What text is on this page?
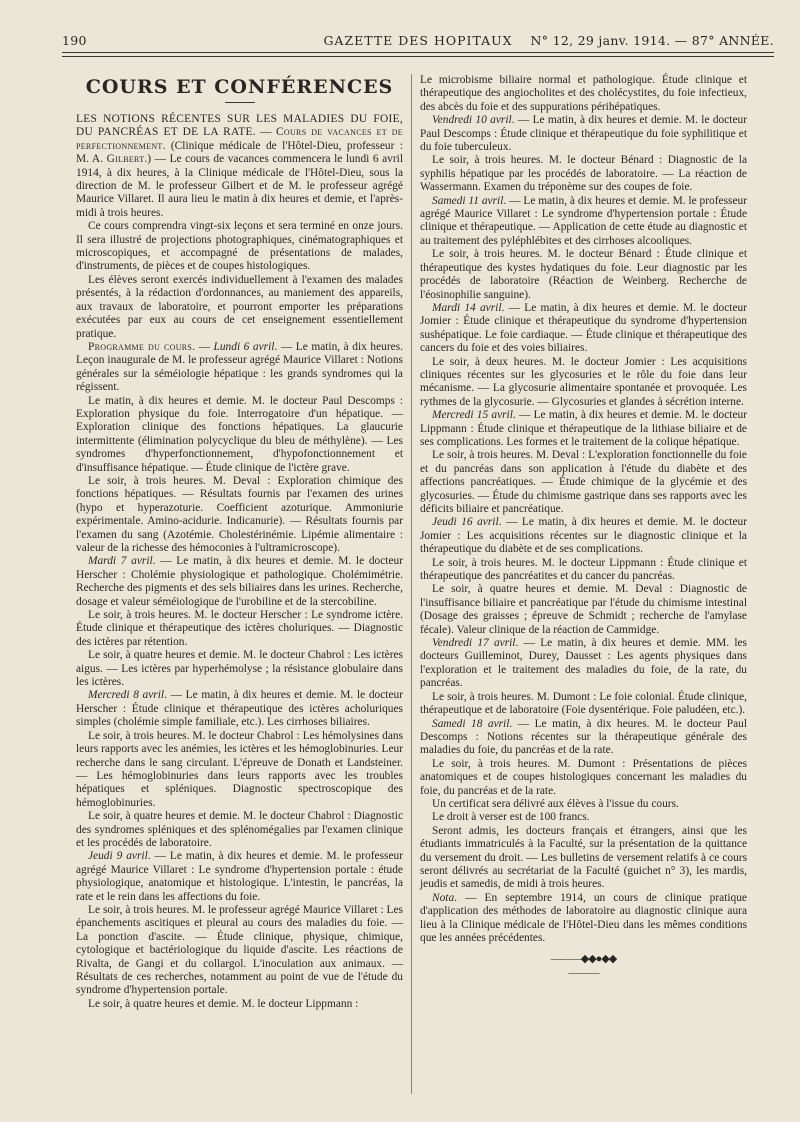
190	GAZETTE DES HOPITAUX	N° 12, 29 janv. 1914. — 87° ANNÉE.
COURS ET CONFÉRENCES

LES NOTIONS RÉCENTES SUR LES MALADIES DU FOIE, DU PANCRÉAS ET DE LA RATE. — Cours de vacances et de perfectionnement. (Clinique médicale de l'Hôtel-Dieu, professeur : M. A. Gilbert.) — Le cours de vacances commencera le lundi 6 avril 1914, à dix heures, à la Clinique médicale de l'Hôtel-Dieu, sous la direction de M. le professeur Gilbert et de M. le professeur agrégé Maurice Villaret. Il aura lieu le matin à dix heures et demie, et l'après-midi à trois heures.

Ce cours comprendra vingt-six leçons et sera terminé en onze jours. Il sera illustré de projections photographiques, cinématographiques et microscopiques, et accompagné de présentations de malades, d'instruments, de pièces et de coupes histologiques.

Les élèves seront exercés individuellement à l'examen des malades présentés, à la rédaction d'ordonnances, au maniement des appareils, aux travaux de laboratoire, et pourront emporter les préparations exécutées par eux au cours de cet enseignement essentiellement pratique.

Programme du cours. — Lundi 6 avril. — Le matin, à dix heures. Leçon inaugurale de M. le professeur agrégé Maurice Villaret : Notions générales sur la séméiologie hépatique : les grands syndromes qui la régissent.

Le matin, à dix heures et demie. M. le docteur Paul Descomps : Exploration physique du foie. Interrogatoire d'un hépatique. — Exploration clinique des fonctions hépatiques. La glaucurie intermittente (élimination polycyclique du bleu de méthylène). — Les syndromes d'hyperfonctionnement, d'hypofonctionnement et d'insuffisance hépatique. — Étude clinique de l'ictère grave.

Le soir, à trois heures. M. Deval : Exploration chimique des fonctions hépatiques. — Résultats fournis par l'examen des urines (hypo et hyperazoturie. Coefficient azoturique. Ammoniurie expérimentale. Amino-acidurie. Indicanurie). — Résultats fournis par l'examen du sang (Azotémie. Cholestérinémie. Lipémie alimentaire : valeur de la richesse des hémoconies à l'ultramicroscope).

Mardi 7 avril. — Le matin, à dix heures et demie. M. le docteur Herscher : Cholémie physiologique et pathologique. Cholémimétrie. Recherche des pigments et des sels biliaires dans les urines. Recherche, dosage et valeur séméiologique de l'urobiline et de la stercobiline.

Le soir, à trois heures. M. le docteur Herscher : Le syndrome ictère. Étude clinique et thérapeutique des ictères choluriques. — Diagnostic des ictères par rétention.

Le soir, à quatre heures et demie. M. le docteur Chabrol : Les ictères aigus. — Les ictères par hyperhémolyse ; la résistance globulaire dans les ictères.

Mercredi 8 avril. — Le matin, à dix heures et demie. M. le docteur Herscher : Étude clinique et thérapeutique des ictères acholuriques simples (cholémie simple familiale, etc.). Les cirrhoses biliaires.

Le soir, à trois heures. M. le docteur Chabrol : Les hémolysines dans leurs rapports avec les anémies, les ictères et les hémoglobinuries. Leur recherche dans le sang circulant. L'épreuve de Donath et Landsteiner. — Les hémoglobinuries dans leurs rapports avec les troubles hépatiques et spléniques. Diagnostic spectroscopique des hémoglobinuries.

Le soir, à quatre heures et demie. M. le docteur Chabrol : Diagnostic des syndromes spléniques et des splénomégalies par l'examen clinique et les procédés de laboratoire.

Jeudi 9 avril. — Le matin, à dix heures et demie. M. le professeur agrégé Maurice Villaret : Le syndrome d'hypertension portale : étude physiologique, anatomique et histologique. L'intestin, le pancréas, la rate et le rein dans les affections du foie.

Le soir, à trois heures. M. le professeur agrégé Maurice Villaret : Les épanchements ascitiques et pleural au cours des maladies du foie. — La ponction d'ascite. — Étude clinique, physique, chimique, cytologique et bactériologique du liquide d'ascite. Les réactions de Rivalta, de Gangi et du collargol. L'inoculation aux animaux. — Résultats de ces recherches, notamment au point de vue de l'étude du syndrome d'hypertension portale.

Le soir, à quatre heures et demie. M. le docteur Lippmann :

Le microbisme biliaire normal et pathologique. Étude clinique et thérapeutique des angiocholites et des cholécystites, du foie infectieux, des abcès du foie et des suppurations périhépatiques.

Vendredi 10 avril. — Le matin, à dix heures et demie. M. le docteur Paul Descomps : Étude clinique et thérapeutique du foie syphilitique et du foie tuberculeux.

Le soir, à trois heures. M. le docteur Bénard : Diagnostic de la syphilis hépatique par les procédés de laboratoire. — La réaction de Wassermann. Examen du tréponème sur des coupes de foie.

Samedi 11 avril. — Le matin, à dix heures et demie. M. le professeur agrégé Maurice Villaret : Le syndrome d'hypertension portale : Étude clinique et thérapeutique. — Application de cette étude au diagnostic et au traitement des pyléphlébites et des cirrhoses alcooliques.

Le soir, à trois heures. M. le docteur Bénard : Étude clinique et thérapeutique des kystes hydatiques du foie. Leur diagnostic par les procédés de laboratoire (Réaction de Weinberg. Recherche de l'éosinophilie sanguine).

Mardi 14 avril. — Le matin, à dix heures et demie. M. le docteur Jomier : Étude clinique et thérapeutique du syndrome d'hypertension sushépatique. Le foie cardiaque. — Étude clinique et thérapeutique des cancers du foie et des voies biliaires.

Le soir, à deux heures. M. le docteur Jomier : Les acquisitions cliniques récentes sur les glycosuries et le rôle du foie dans leur mécanisme. — La glycosurie alimentaire spontanée et provoquée. Les rythmes de la glycosurie. — Glycosuries et glandes à sécrétion interne.

Mercredi 15 avril. — Le matin, à dix heures et demie. M. le docteur Lippmann : Étude clinique et thérapeutique de la lithiase biliaire et de ses complications. Les formes et le traitement de la colique hépatique.

Le soir, à trois heures. M. Deval : L'exploration fonctionnelle du foie et du pancréas dans son application à l'étude du diabète et des affections pancréatiques. — Étude chimique de la glycémie et des glycosuries. — Étude du chimisme gastrique dans ses rapports avec les déficits biliaire et pancréatique.

Jeudi 16 avril. — Le matin, à dix heures et demie. M. le docteur Jomier : Les acquisitions récentes sur le diagnostic clinique et la thérapeutique du diabète et de ses complications.

Le soir, à trois heures. M. le docteur Lippmann : Étude clinique et thérapeutique des pancréatites et du cancer du pancréas.

Le soir, à quatre heures et demie. M. Deval : Diagnostic de l'insuffisance biliaire et pancréatique par l'étude du chimisme intestinal (Dosage des graisses ; épreuve de Schmidt ; recherche de l'amylase fécale). Valeur clinique de la réaction de Cammidge.

Vendredi 17 avril. — Le matin, à dix heures et demie. MM. les docteurs Guilleminot, Durey, Dausset : Les agents physiques dans l'exploration et le traitement des maladies du foie, de la rate, du pancréas.

Le soir, à trois heures. M. Dumont : Le foie colonial. Étude clinique, thérapeutique et de laboratoire (Foie dysentérique. Foie paludéen, etc.).

Samedi 18 avril. — Le matin, à dix heures. M. le docteur Paul Descomps : Notions récentes sur la thérapeutique générale des maladies du foie, du pancréas et de la rate.

Le soir, à trois heures. M. Dumont : Présentations de pièces anatomiques et de coupes histologiques concernant les maladies du foie, du pancréas et de la rate.

Un certificat sera délivré aux élèves à l'issue du cours.

Le droit à verser est de 100 francs.

Seront admis, les docteurs français et étrangers, ainsi que les étudiants immatriculés à la Faculté, sur la présentation de la quittance du versement du droit. — Les bulletins de versement relatifs à ce cours seront délivrés au secrétariat de la Faculté (guichet n° 3), les mardis, jeudis et samedis, de midi à trois heures.

Nota. — En septembre 1914, un cours de clinique pratique d'application des méthodes de laboratoire au diagnostic clinique aura lieu à la Clinique médicale de l'Hôtel-Dieu dans les mêmes conditions que les années précédentes.

———◆◆●◆◆———
